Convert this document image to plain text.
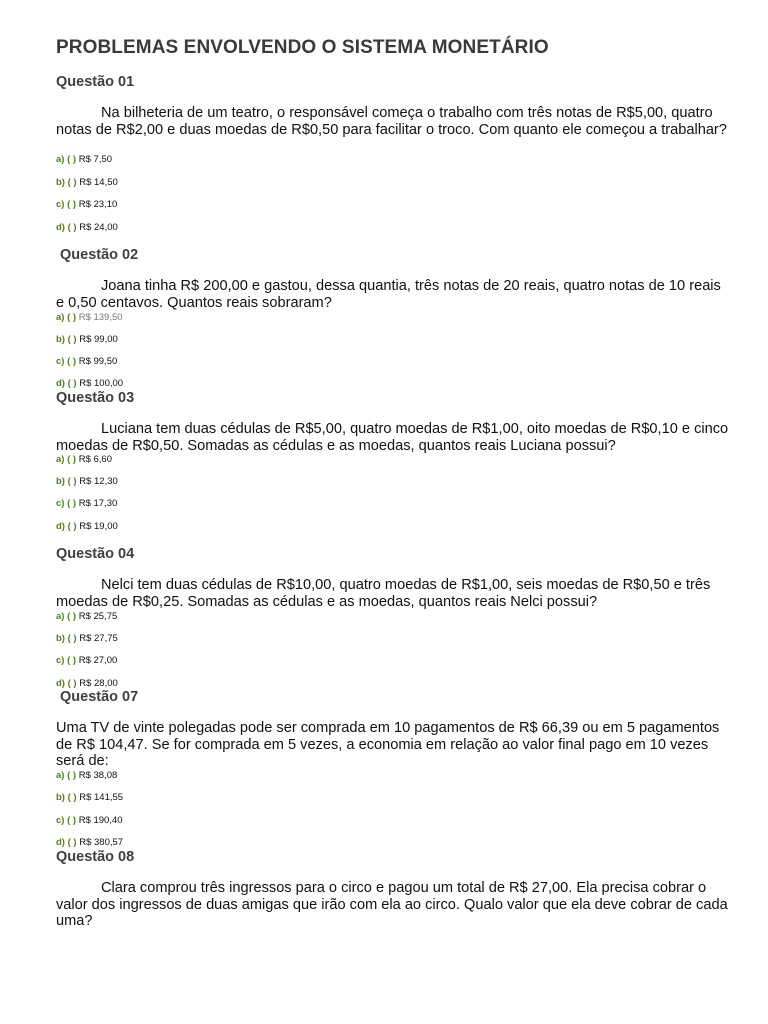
PROBLEMAS ENVOLVENDO O SISTEMA MONETÁRIO
Questão 01
Na bilheteria de um teatro, o responsável começa o trabalho com três notas de R$5,00, quatro notas de R$2,00 e duas moedas de R$0,50 para facilitar o troco. Com quanto ele começou a trabalhar?
a) ( ) R$ 7,50
b) ( ) R$ 14,50
c) ( ) R$ 23,10
d) ( ) R$ 24,00
Questão 02
Joana tinha R$ 200,00 e gastou, dessa quantia, três notas de 20 reais, quatro notas de 10 reais e 0,50 centavos. Quantos reais sobraram?
a) ( ) R$ 139,50
b) ( ) R$ 99,00
c) ( ) R$ 99,50
d) ( ) R$ 100,00
Questão 03
Luciana tem duas cédulas de R$5,00, quatro moedas de R$1,00, oito moedas de R$0,10 e cinco moedas de R$0,50. Somadas as cédulas e as moedas, quantos reais Luciana possui?
a) ( ) R$ 6,60
b) ( ) R$ 12,30
c) ( ) R$ 17,30
d) ( ) R$ 19,00
Questão 04
Nelci tem duas cédulas de R$10,00, quatro moedas de R$1,00, seis moedas de R$0,50 e três moedas de R$0,25. Somadas as cédulas e as moedas, quantos reais Nelci possui?
a) ( ) R$ 25,75
b) ( ) R$ 27,75
c) ( ) R$ 27,00
d) ( ) R$ 28,00
Questão 07
Uma TV de vinte polegadas pode ser comprada em 10 pagamentos de R$ 66,39 ou em 5 pagamentos de R$ 104,47. Se for comprada em 5 vezes, a economia em relação ao valor final pago em 10 vezes será de:
a) ( ) R$ 38,08
b) ( ) R$ 141,55
c) ( ) R$ 190,40
d) ( ) R$ 380,57
Questão 08
Clara comprou três ingressos para o circo e pagou um total de R$ 27,00. Ela precisa cobrar o valor dos ingressos de duas amigas que irão com ela ao circo. Qualo valor que ela deve cobrar de cada uma?
